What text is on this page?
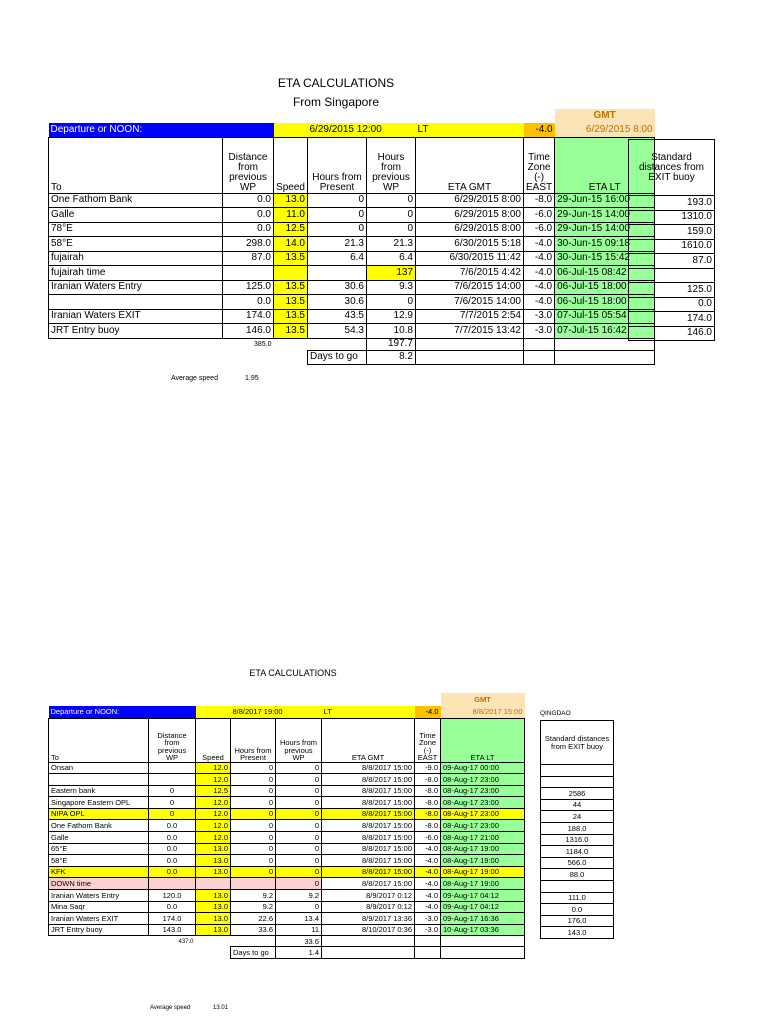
ETA CALCULATIONS
From Singapore
							GMT
Departure or NOON:			6/29/2015 12:00		LT	-4.0	6/29/2015 8:00
To	Distance from previous WP	Speed	Hours from Present	Hours from previous WP	ETA GMT	Time Zone (-) EAST	ETA LT
One Fathom Bank	0.0	13.0	0	0	6/29/2015 8:00	-8.0	29-Jun-15 16:00
Galle	0.0	11.0	0	0	6/29/2015 8:00	-6.0	29-Jun-15 14:00
78°E	0.0	12.5	0	0	6/29/2015 8:00	-6.0	29-Jun-15 14:00
58°E	298.0	14.0	21.3	21.3	6/30/2015 5:18	-4.0	30-Jun-15 09:18
fujairah	87.0	13.5	6.4	6.4	6/30/2015 11:42	-4.0	30-Jun-15 15:42
fujairah time				137	7/6/2015 4:42	-4.0	06-Jul-15 08:42
Iranian Waters Entry	125.0	13.5	30.6	9.3	7/6/2015 14:00	-4.0	06-Jul-15 18:00
	0.0	13.5	30.6	0	7/6/2015 14:00	-4.0	06-Jul-15 18:00
Iranian Waters EXIT	174.0	13.5	43.5	12.9	7/7/2015 2:54	-3.0	07-Jul-15 05:54
JRT Entry buoy	146.0	13.5	54.3	10.8	7/7/2015 13:42	-3.0	07-Jul-15 16:42
	385.0			197.7			
			Days to go	8.2			
Average speed	1.95
Standard distances from EXIT buoy
193.0
1310.0
159.0
1610.0
87.0

125.0
0.0
174.0
146.0
ETA CALCULATIONS
							GMT
Departure or NOON:			8/8/2017 19:00		LT	-4.0	8/8/2017 15:00
To	Distance from previous WP	Speed	Hours from Present	Hours from previous WP	ETA GMT	Time Zone (-) EAST	ETA LT
Onsan		12.0	0	0	8/8/2017 15:00	-9.0	09-Aug-17 00:00
		12.0	0	0	8/8/2017 15:00	-8.0	08-Aug-17 23:00
Eastern bank	0	12.5	0	0	8/8/2017 15:00	-8.0	08-Aug-17 23:00
Singapore Eastern OPL	0	12.0	0	0	8/8/2017 15:00	-8.0	08-Aug-17 23:00
NIPA OPL	0	12.0	0	0	8/8/2017 15:00	-8.0	08-Aug-17 23:00
One Fathom Bank	0.0	12.0	0	0	8/8/2017 15:00	-8.0	08-Aug-17 23:00
Galle	0.0	12.0	0	0	8/8/2017 15:00	-6.0	08-Aug-17 21:00
65°E	0.0	13.0	0	0	8/8/2017 15:00	-4.0	08-Aug-17 19:00
58°E	0.0	13.0	0	0	8/8/2017 15:00	-4.0	08-Aug-17 19:00
KFK	0.0	13.0	0	0	8/8/2017 15:00	-4.0	08-Aug-17 19:00
DOWN time				0	8/8/2017 15:00	-4.0	08-Aug-17 19:00
Iranian Waters Entry	120.0	13.0	9.2	9.2	8/9/2017 0:12	-4.0	09-Aug-17 04:12
Mina Saqr	0.0	13.0	9.2	0	8/9/2017 0:12	-4.0	09-Aug-17 04:12
Iranian Waters EXIT	174.0	13.0	22.6	13.4	8/9/2017 13:36	-3.0	09-Aug-17 16:36
JRT Entry buoy	143.0	13.0	33.6	11	8/10/2017 0:36	-3.0	10-Aug-17 03:36
	437.0			33.6			
			Days to go	1.4			
Average speed	13.01
QINGDAO
Standard distances from EXIT buoy

2586
44
24
188.0
1316.0
1184.0
566.0
88.0

111.0
0.0
176.0
143.0
